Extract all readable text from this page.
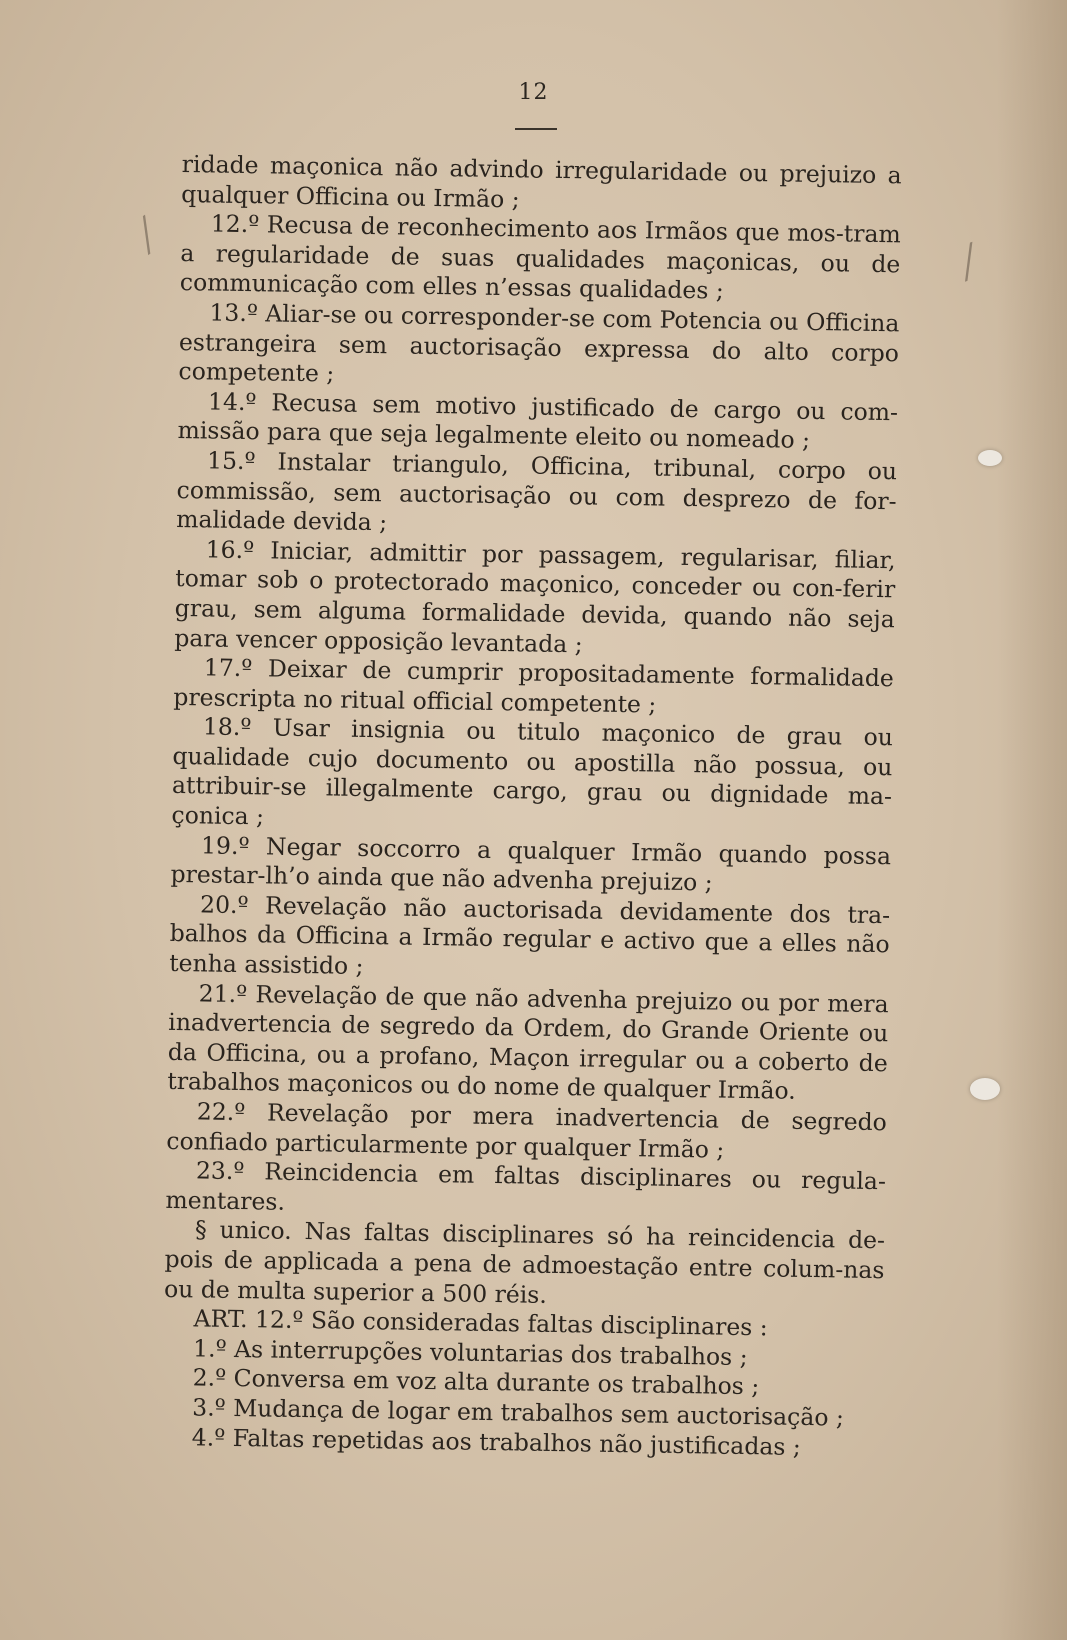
12
╱
╱

ridade maçonica não advindo irregularidade ou prejuizo a qualquer Officina ou Irmão ;

12.º Recusa de reconhecimento aos Irmãos que mos-tram a regularidade de suas qualidades maçonicas, ou de communicação com elles n’essas qualidades ;

13.º Aliar-se ou corresponder-se com Potencia ou Officina estrangeira sem auctorisação expressa do alto corpo competente ;

14.º Recusa sem motivo justificado de cargo ou com-missão para que seja legalmente eleito ou nomeado ;

15.º Instalar triangulo, Officina, tribunal, corpo ou commissão, sem auctorisação ou com desprezo de for-malidade devida ;

16.º Iniciar, admittir por passagem, regularisar, filiar, tomar sob o protectorado maçonico, conceder ou con-ferir grau, sem alguma formalidade devida, quando não seja para vencer opposição levantada ;

17.º Deixar de cumprir propositadamente formalidade prescripta no ritual official competente ;

18.º Usar insignia ou titulo maçonico de grau ou qualidade cujo documento ou apostilla não possua, ou attribuir-se illegalmente cargo, grau ou dignidade ma-çonica ;

19.º Negar soccorro a qualquer Irmão quando possa prestar-lh’o ainda que não advenha prejuizo ;

20.º Revelação não auctorisada devidamente dos tra-balhos da Officina a Irmão regular e activo que a elles não tenha assistido ;

21.º Revelação de que não advenha prejuizo ou por mera inadvertencia de segredo da Ordem, do Grande Oriente ou da Officina, ou a profano, Maçon irregular ou a coberto de trabalhos maçonicos ou do nome de qualquer Irmão.

22.º Revelação por mera inadvertencia de segredo confiado particularmente por qualquer Irmão ;

23.º Reincidencia em faltas disciplinares ou regula-mentares.

§ unico. Nas faltas disciplinares só ha reincidencia de-pois de applicada a pena de admoestação entre colum-nas ou de multa superior a 500 réis.

ART. 12.º São consideradas faltas disciplinares :

1.º As interrupções voluntarias dos trabalhos ;

2.º Conversa em voz alta durante os trabalhos ;

3.º Mudança de logar em trabalhos sem auctorisação ;

4.º Faltas repetidas aos trabalhos não justificadas ;
